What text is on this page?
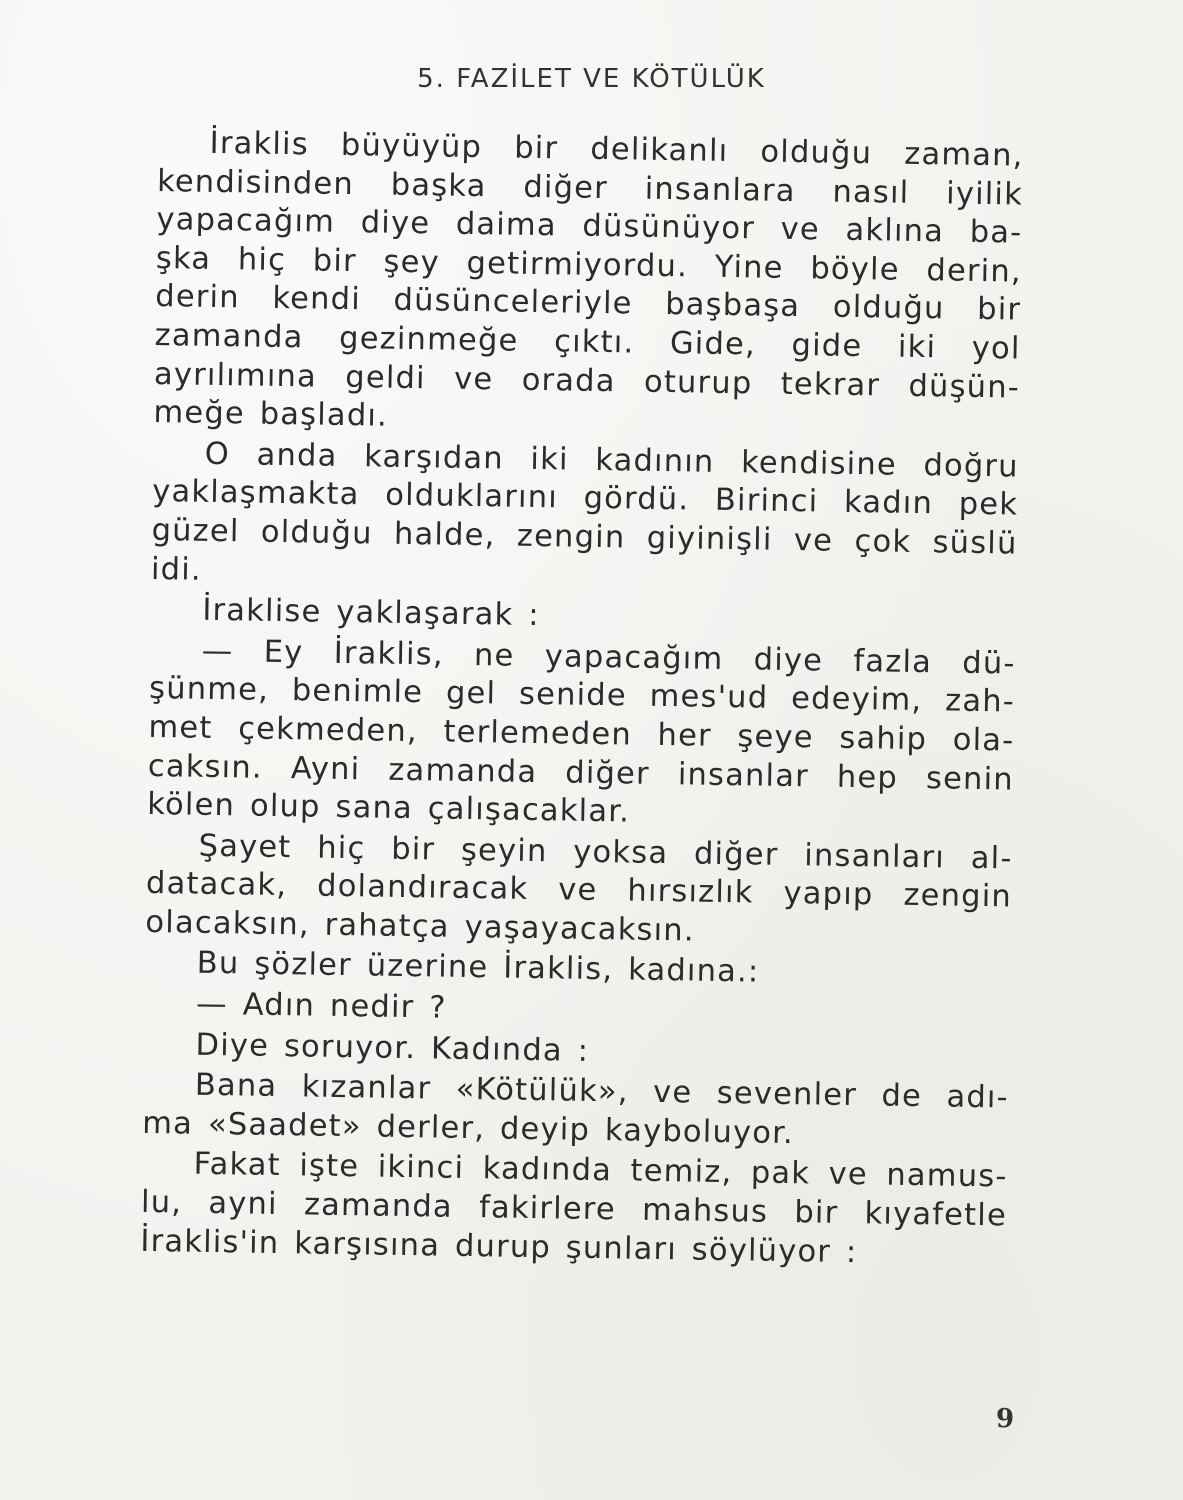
5. FAZİLET VE KÖTÜLÜK
İraklis büyüyüp bir delikanlı olduğu zaman,
kendisinden başka diğer insanlara nasıl iyilik
yapacağım diye daima düsünüyor ve aklına ba-
şka hiç bir şey getirmiyordu. Yine böyle derin,
derin kendi düsünceleriyle başbaşa olduğu bir
zamanda gezinmeğe çıktı. Gide, gide iki yol
ayrılımına geldi ve orada oturup tekrar düşün-
meğe başladı.
O anda karşıdan iki kadının kendisine doğru
yaklaşmakta olduklarını gördü. Birinci kadın pek
güzel olduğu halde, zengin giyinişli ve çok süslü
idi.
İraklise yaklaşarak :
— Ey İraklis, ne yapacağım diye fazla dü-
şünme, benimle gel senide mes'ud edeyim, zah-
met çekmeden, terlemeden her şeye sahip ola-
caksın. Ayni zamanda diğer insanlar hep senin
kölen olup sana çalışacaklar.
Şayet hiç bir şeyin yoksa diğer insanları al-
datacak, dolandıracak ve hırsızlık yapıp zengin
olacaksın, rahatça yaşayacaksın.
Bu şözler üzerine İraklis, kadına.:
— Adın nedir ?
Diye soruyor. Kadında :
Bana kızanlar «Kötülük», ve sevenler de adı-
ma «Saadet» derler, deyip kayboluyor.
Fakat işte ikinci kadında temiz, pak ve namus-
lu, ayni zamanda fakirlere mahsus bir kıyafetle
İraklis'in karşısına durup şunları söylüyor :
9
